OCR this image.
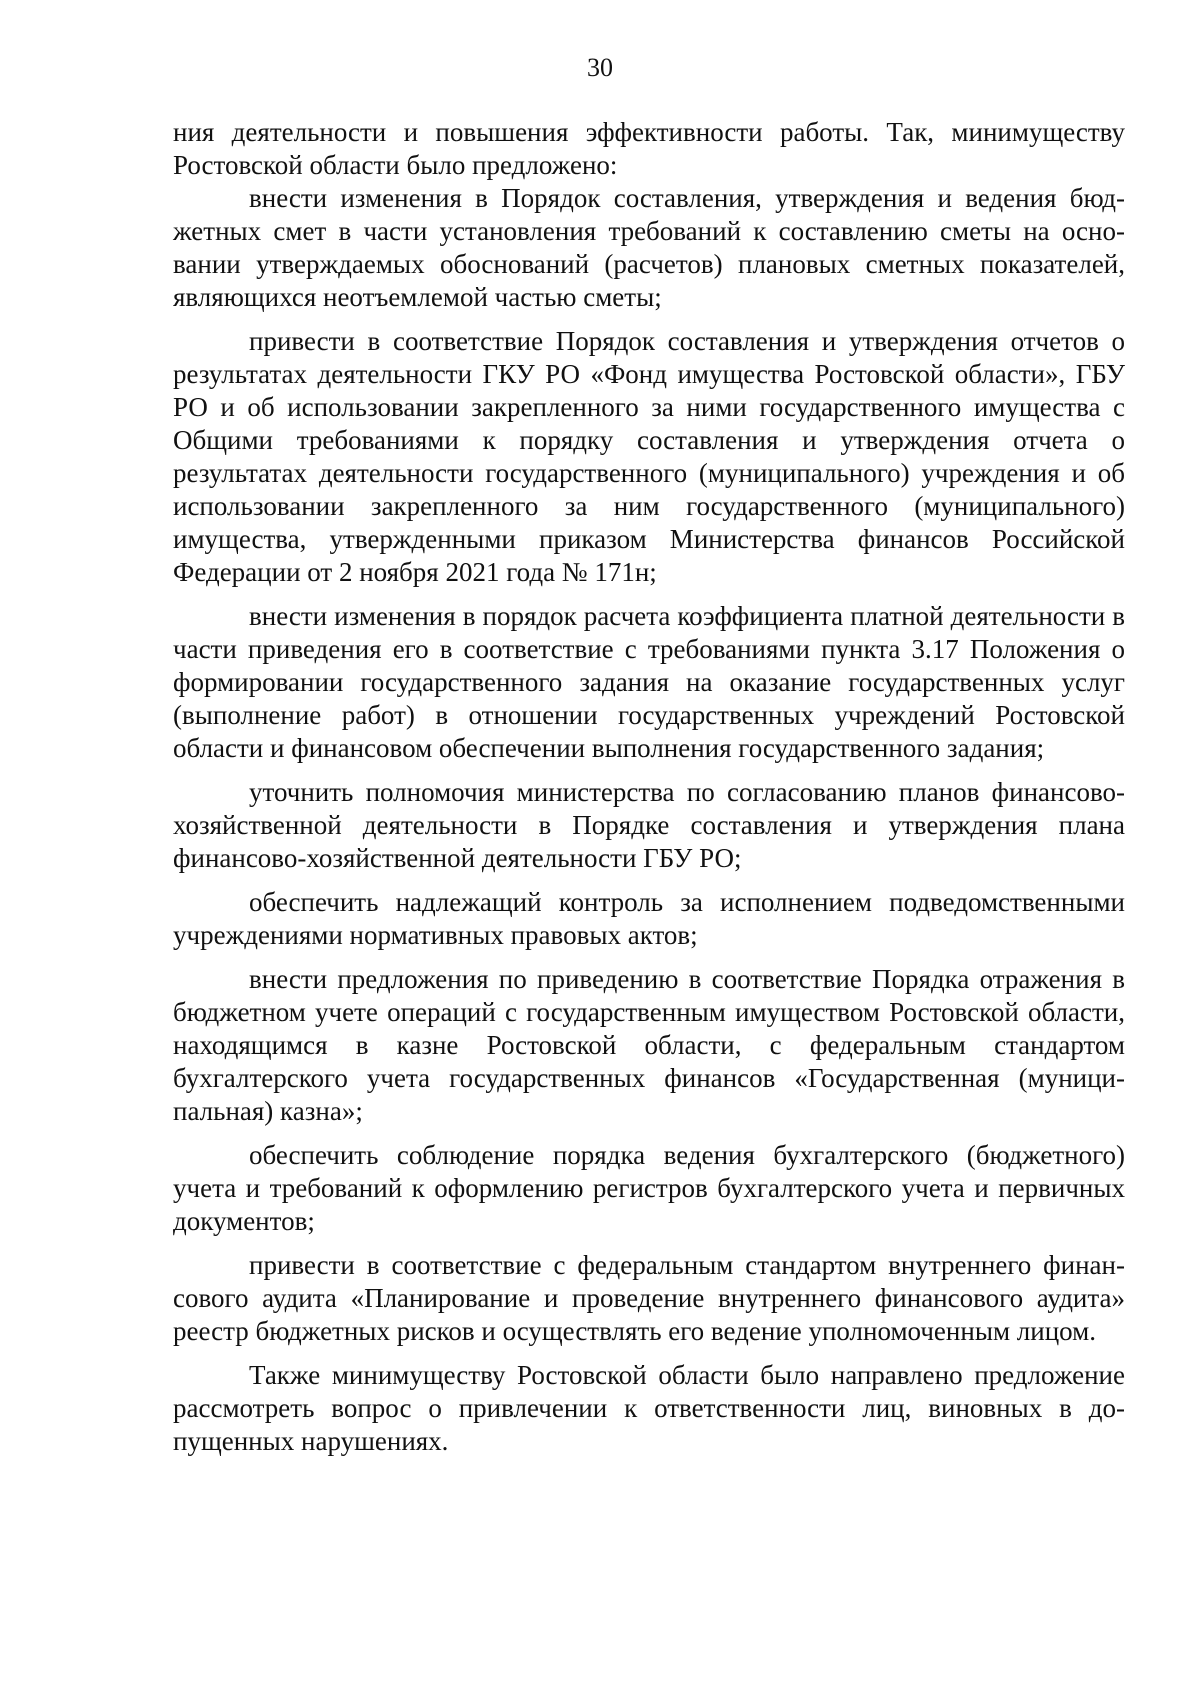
30

ния деятельности и повышения эффективности работы. Так, минимуществу Ростовской области было предложено:

внести изменения в Порядок составления, утверждения и ведения бюджетных смет в части установления требований к составлению сметы на основании утверждаемых обоснований (расчетов) плановых сметных показателей, являющихся неотъемлемой частью сметы;

привести в соответствие Порядок составления и утверждения отчетов о результатах деятельности ГКУ РО «Фонд имущества Ростовской области», ГБУ РО и об использовании закрепленного за ними государственного имущества с Общими требованиями к порядку составления и утверждения отчета о результатах деятельности государственного (муниципального) учреждения и об использовании закрепленного за ним государственного (муниципального) имущества, утвержденными приказом Министерства финансов Российской Федерации от 2 ноября 2021 года № 171н;

внести изменения в порядок расчета коэффициента платной деятельности в части приведения его в соответствие с требованиями пункта 3.17 Положения о формировании государственного задания на оказание государственных услуг (выполнение работ) в отношении государственных учреждений Ростовской области и финансовом обеспечении выполнения государственного задания;

уточнить полномочия министерства по согласованию планов финансово-хозяйственной деятельности в Порядке составления и утверждения плана финансово-хозяйственной деятельности ГБУ РО;

обеспечить надлежащий контроль за исполнением подведомственными учреждениями нормативных правовых актов;

внести предложения по приведению в соответствие Порядка отражения в бюджетном учете операций с государственным имуществом Ростовской области, находящимся в казне Ростовской области, с федеральным стандартом бухгалтерского учета государственных финансов «Государственная (муниципальная) казна»;

обеспечить соблюдение порядка ведения бухгалтерского (бюджетного) учета и требований к оформлению регистров бухгалтерского учета и первичных документов;

привести в соответствие с федеральным стандартом внутреннего финансового аудита «Планирование и проведение внутреннего финансового аудита» реестр бюджетных рисков и осуществлять его ведение уполномоченным лицом.

Также минимуществу Ростовской области было направлено предложение рассмотреть вопрос о привлечении к ответственности лиц, виновных в допущенных нарушениях.
